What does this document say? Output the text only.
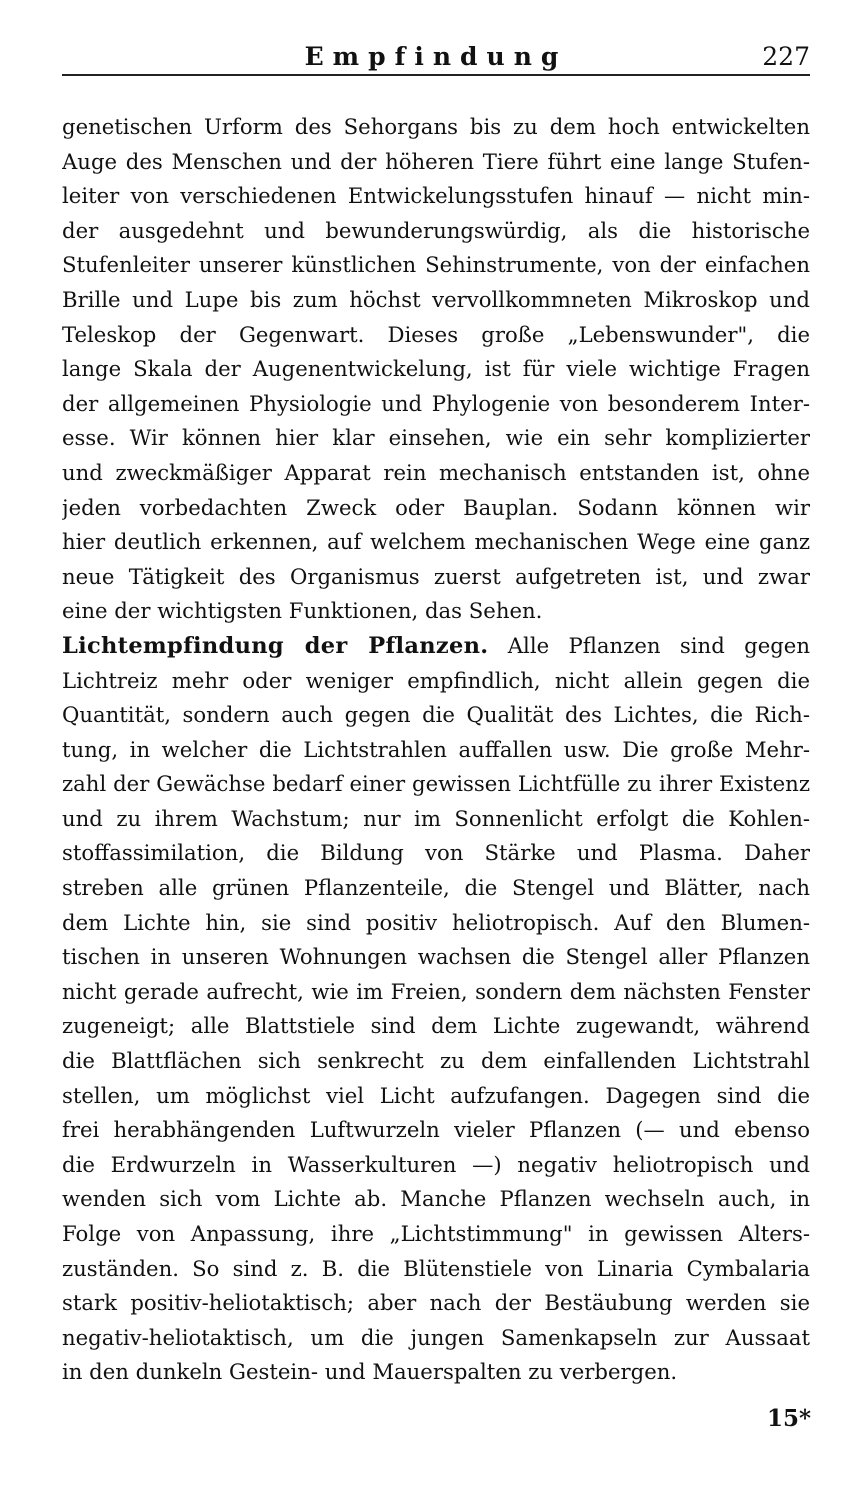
Empfindung	227
genetischen Urform des Sehorgans bis zu dem hoch entwickelten
Auge des Menschen und der höheren Tiere führt eine lange Stufen-
leiter von verschiedenen Entwickelungsstufen hinauf — nicht min-
der ausgedehnt und bewunderungswürdig, als die historische
Stufenleiter unserer künstlichen Sehinstrumente, von der einfachen
Brille und Lupe bis zum höchst vervollkommneten Mikroskop und
Teleskop der Gegenwart. Dieses große „Lebenswunder", die
lange Skala der Augenentwickelung, ist für viele wichtige Fragen
der allgemeinen Physiologie und Phylogenie von besonderem Inter-
esse. Wir können hier klar einsehen, wie ein sehr komplizierter
und zweckmäßiger Apparat rein mechanisch entstanden ist, ohne
jeden vorbedachten Zweck oder Bauplan. Sodann können wir
hier deutlich erkennen, auf welchem mechanischen Wege eine ganz
neue Tätigkeit des Organismus zuerst aufgetreten ist, und zwar
eine der wichtigsten Funktionen, das Sehen.
Lichtempfindung der Pflanzen. Alle Pflanzen sind gegen
Lichtreiz mehr oder weniger empfindlich, nicht allein gegen die
Quantität, sondern auch gegen die Qualität des Lichtes, die Rich-
tung, in welcher die Lichtstrahlen auffallen usw. Die große Mehr-
zahl der Gewächse bedarf einer gewissen Lichtfülle zu ihrer Existenz
und zu ihrem Wachstum; nur im Sonnenlicht erfolgt die Kohlen-
stoffassimilation, die Bildung von Stärke und Plasma. Daher
streben alle grünen Pflanzenteile, die Stengel und Blätter, nach
dem Lichte hin, sie sind positiv heliotropisch. Auf den Blumen-
tischen in unseren Wohnungen wachsen die Stengel aller Pflanzen
nicht gerade aufrecht, wie im Freien, sondern dem nächsten Fenster
zugeneigt; alle Blattstiele sind dem Lichte zugewandt, während
die Blattflächen sich senkrecht zu dem einfallenden Lichtstrahl
stellen, um möglichst viel Licht aufzufangen. Dagegen sind die
frei herabhängenden Luftwurzeln vieler Pflanzen (— und ebenso
die Erdwurzeln in Wasserkulturen —) negativ heliotropisch und
wenden sich vom Lichte ab. Manche Pflanzen wechseln auch, in
Folge von Anpassung, ihre „Lichtstimmung" in gewissen Alters-
zuständen. So sind z. B. die Blütenstiele von Linaria Cymbalaria
stark positiv-heliotaktisch; aber nach der Bestäubung werden sie
negativ-heliotaktisch, um die jungen Samenkapseln zur Aussaat
in den dunkeln Gestein- und Mauerspalten zu verbergen.
15*
